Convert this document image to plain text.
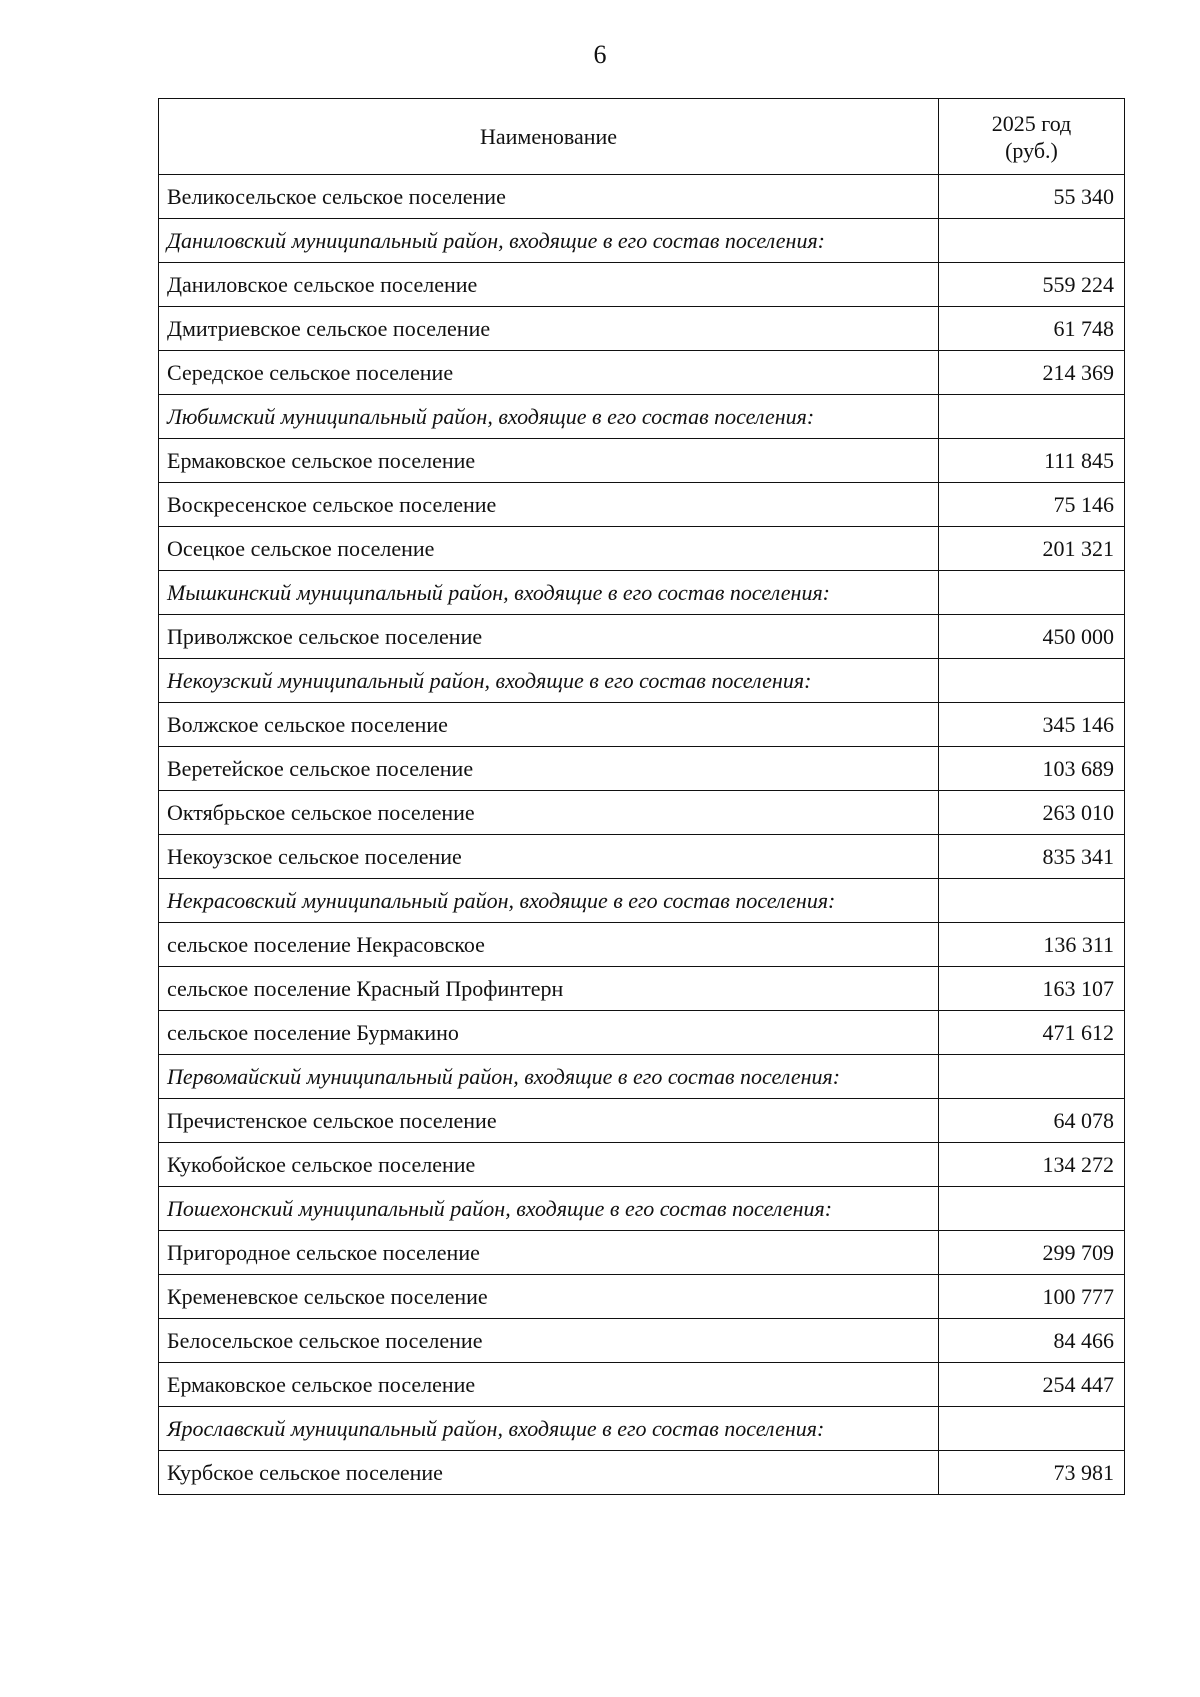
6
Наименование	2025 год
(руб.)
Великосельское сельское поселение	55 340
Даниловский муниципальный район, входящие в его состав поселения:	
Даниловское сельское поселение	559 224
Дмитриевское сельское поселение	61 748
Середское сельское поселение	214 369
Любимский муниципальный район, входящие в его состав поселения:	
Ермаковское сельское поселение	111 845
Воскресенское сельское поселение	75 146
Осецкое сельское поселение	201 321
Мышкинский муниципальный район, входящие в его состав поселения:	
Приволжское сельское поселение	450 000
Некоузский муниципальный район, входящие в его состав поселения:	
Волжское сельское поселение	345 146
Веретейское сельское поселение	103 689
Октябрьское сельское поселение	263 010
Некоузское сельское поселение	835 341
Некрасовский муниципальный район, входящие в его состав поселения:	
сельское поселение Некрасовское	136 311
сельское поселение Красный Профинтерн	163 107
сельское поселение Бурмакино	471 612
Первомайский муниципальный район, входящие в его состав поселения:	
Пречистенское сельское поселение	64 078
Кукобойское сельское поселение	134 272
Пошехонский муниципальный район, входящие в его состав поселения:	
Пригородное сельское поселение	299 709
Кременевское сельское поселение	100 777
Белосельское сельское поселение	84 466
Ермаковское сельское поселение	254 447
Ярославский муниципальный район, входящие в его состав поселения:	
Курбское сельское поселение	73 981
